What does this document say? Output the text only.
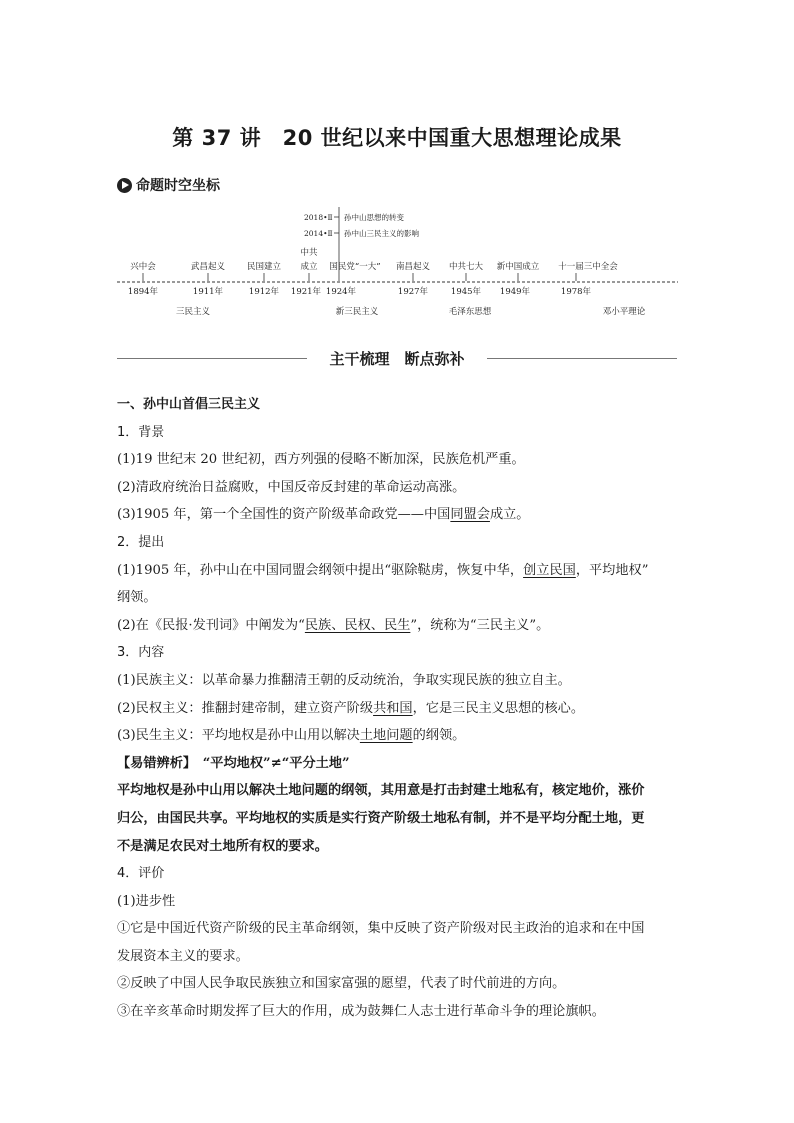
第 37 讲　20 世纪以来中国重大思想理论成果
命题时空坐标
2018•Ⅱ
2014•Ⅱ
孙中山思想的转变
孙中山三民主义的影响
兴中会	武昌起义	民国建立
中共
成立 国民党“一大” 南昌起义 中共七大 新中国成立 十一届三中全会
1894年	1911年	1912年 1921年 1924年	1927年	1945年 1949年	1978年
三民主义	新三民主义	毛泽东思想	邓小平理论
主干梳理　断点弥补

一、孙中山首倡三民主义

1．背景

(1)19 世纪末 20 世纪初，西方列强的侵略不断加深，民族危机严重。

(2)清政府统治日益腐败，中国反帝反封建的革命运动高涨。

(3)1905 年，第一个全国性的资产阶级革命政党——中国同盟会成立。

2．提出

(1)1905 年，孙中山在中国同盟会纲领中提出“驱除鞑虏，恢复中华，创立民国，平均地权”

纲领。

(2)在《民报·发刊词》中阐发为“民族、民权、民生”，统称为“三民主义”。

3．内容

(1)民族主义：以革命暴力推翻清王朝的反动统治，争取实现民族的独立自主。

(2)民权主义：推翻封建帝制，建立资产阶级共和国，它是三民主义思想的核心。

(3)民生主义：平均地权是孙中山用以解决土地问题的纲领。

【易错辨析】　 “平均地权”≠“平分土地”

平均地权是孙中山用以解决土地问题的纲领，其用意是打击封建土地私有，核定地价，涨价

归公，由国民共享。平均地权的实质是实行资产阶级土地私有制，并不是平均分配土地，更

不是满足农民对土地所有权的要求。

4．评价

(1)进步性

①它是中国近代资产阶级的民主革命纲领，集中反映了资产阶级对民主政治的追求和在中国

发展资本主义的要求。

②反映了中国人民争取民族独立和国家富强的愿望，代表了时代前进的方向。

③在辛亥革命时期发挥了巨大的作用，成为鼓舞仁人志士进行革命斗争的理论旗帜。
